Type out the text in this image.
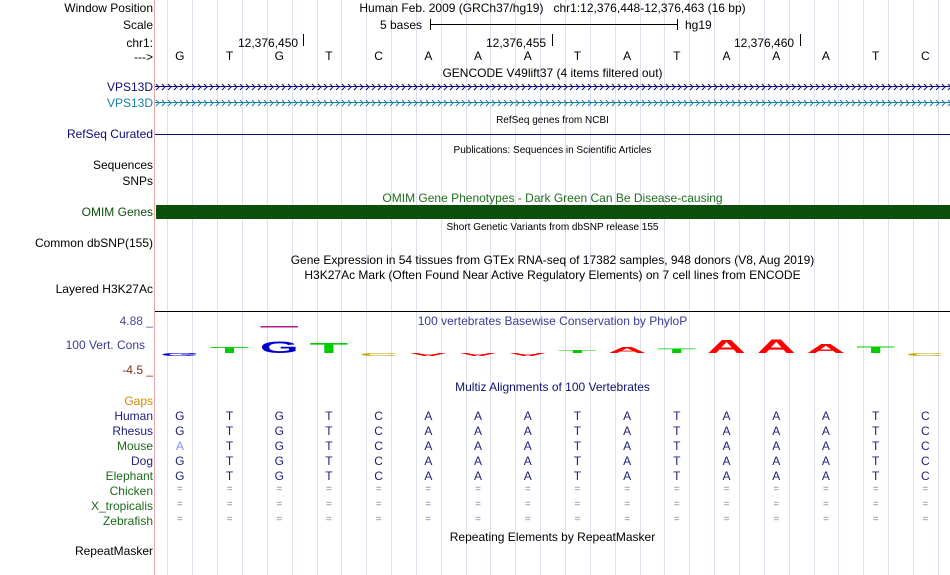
Window Position	Human Feb. 2009 (GRCh37/hg19)   chr1:12,376,448-12,376,463 (16 bp)
Scale	5 bases	hg19
chr1:	12,376,450	12,376,455	12,376,460
--->	G	T	G	T	C	A	A	A	T	A	T	A	A	A	T	C
GENCODE V49lift37 (4 items filtered out)
VPS13D
VPS13D
RefSeq genes from NCBI
RefSeq Curated
Publications: Sequences in Scientific Articles
Sequences
SNPs
OMIM Gene Phenotypes - Dark Green Can Be Disease-causing
OMIM Genes
Short Genetic Variants from dbSNP release 155
Common dbSNP(155)
Gene Expression in 54 tissues from GTEx RNA-seq of 17382 samples, 948 donors (V8, Aug 2019)
H3K27Ac Mark (Often Found Near Active Regulatory Elements) on 7 cell lines from ENCODE
Layered H3K27Ac
100 vertebrates Basewise Conservation by PhyloP
4.88 _
100 Vert. Cons
-4.5 _
G T G T C A A A
T A T A A A T C
Multiz Alignments of 100 Vertebrates
Gaps
Human	G	T	G	T	C	A	A	A	T	A	T	A	A	A	T	C
Rhesus	G	T	G	T	C	A	A	A	T	A	T	A	A	A	T	C
Mouse	A	T	G	T	C	A	A	A	T	A	T	A	A	A	T	C
Dog	G	T	G	T	C	A	A	A	T	A	T	A	A	A	T	C
Elephant	G	T	G	T	C	A	A	A	T	A	T	A	A	A	T	C
Chicken	=	=	=	=	=	=	=	=	=	=	=	=	=	=	=	=
X_tropicalis	=	=	=	=	=	=	=	=	=	=	=	=	=	=	=	=
Zebrafish	=	=	=	=	=	=	=	=	=	=	=	=	=	=	=	=
Repeating Elements by RepeatMasker
RepeatMasker
